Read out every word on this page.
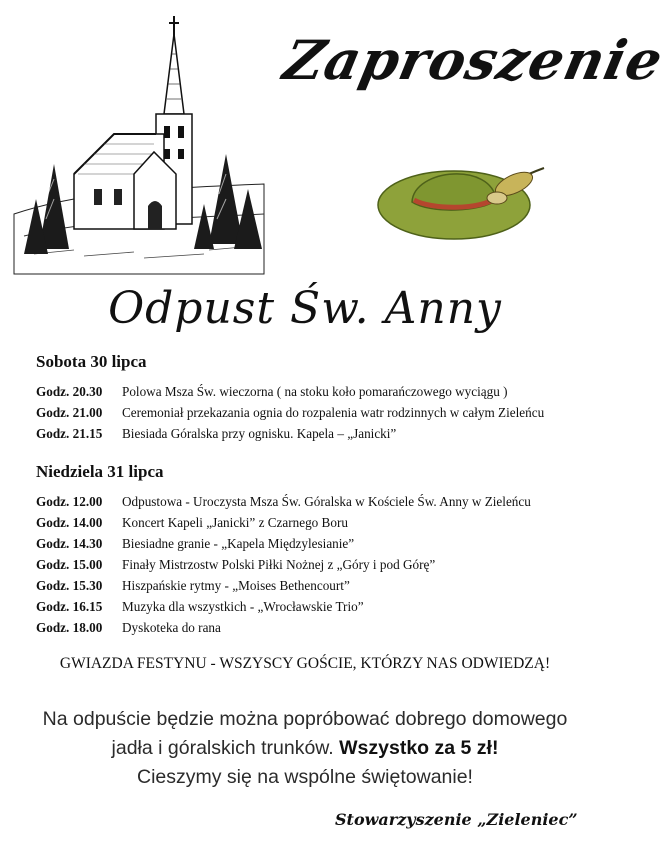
Zaproszenie
Odpust Św. Anny
Sobota 30 lipca
Godz. 20.30 Polowa Msza Św. wieczorna ( na stoku koło pomarańczowego wyciągu )
Godz. 21.00 Ceremoniał przekazania ognia do rozpalenia watr rodzinnych w całym Zieleńcu
Godz. 21.15 Biesiada Góralska przy ognisku. Kapela – „Janicki”
Niedziela 31 lipca
Godz. 12.00 Odpustowa - Uroczysta Msza Św. Góralska w Kościele Św. Anny w Zieleńcu
Godz. 14.00 Koncert Kapeli „Janicki” z Czarnego Boru
Godz. 14.30 Biesiadne granie - „Kapela Międzylesianie”
Godz. 15.00 Finały Mistrzostw Polski Piłki Nożnej z „Góry i pod Górę”
Godz. 15.30 Hiszpańskie rytmy - „Moises Bethencourt”
Godz. 16.15 Muzyka dla wszystkich - „Wrocławskie Trio”
Godz. 18.00 Dyskoteka do rana
GWIAZDA FESTYNU - WSZYSCY GOŚCIE, KTÓRZY NAS ODWIEDZĄ!
Na odpuście będzie można popróbować dobrego domowego
jadła i góralskich trunków. Wszystko za 5 zł!
Cieszymy się na wspólne świętowanie!
Stowarzyszenie „Zieleniec”
